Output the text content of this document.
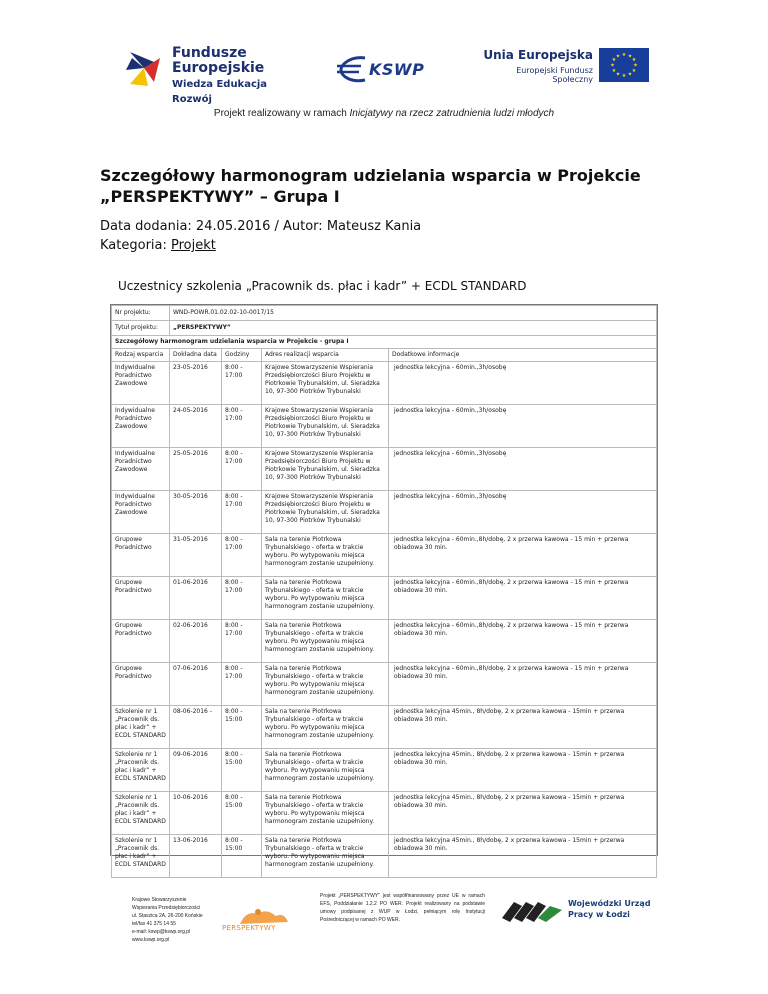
Fundusze
Europejskie
Wiedza Edukacja Rozwój
KSWP
Unia Europejska
Europejski Fundusz Społeczny
★ ★
★
★
★
★
★
★
★
★
★
★
Projekt realizowany w ramach Inicjatywy na rzecz zatrudnienia ludzi młodych
Szczegółowy harmonogram udzielania wsparcia w Projekcie „PERSPEKTYWY” – Grupa I
Data dodania: 24.05.2016 / Autor: Mateusz Kania
Kategoria: Projekt
Uczestnicy szkolenia „Pracownik ds. płac i kadr” + ECDL STANDARD
Nr projektu:	WND-POWR.01.02.02-10-0017/15			
Tytuł projektu:	„PERSPEKTYWY”			
Szczegółowy harmonogram udzielania wsparcia w Projekcie - grupa I				
Rodzaj wsparcia	Dokładna data	Godziny	Adres realizacji wsparcia	Dodatkowe informacje
Indywidualne Poradnictwo Zawodowe	23-05-2016	8:00 - 17:00	Krajowe Stowarzyszenie Wspierania Przedsiębiorczości Biuro Projektu w Piotrkowie Trybunalskim, ul. Sieradzka 10, 97-300 Piotrków Trybunalski	jednostka lekcyjna - 60min.,3h/osobę
Indywidualne Poradnictwo Zawodowe	24-05-2016	8:00 - 17:00	Krajowe Stowarzyszenie Wspierania Przedsiębiorczości Biuro Projektu w Piotrkowie Trybunalskim, ul. Sieradzka 10, 97-300 Piotrków Trybunalski	jednostka lekcyjna - 60min.,3h/osobę
Indywidualne Poradnictwo Zawodowe	25-05-2016	8:00 - 17:00	Krajowe Stowarzyszenie Wspierania Przedsiębiorczości Biuro Projektu w Piotrkowie Trybunalskim, ul. Sieradzka 10, 97-300 Piotrków Trybunalski	jednostka lekcyjna - 60min.,3h/osobę
Indywidualne Poradnictwo Zawodowe	30-05-2016	8:00 - 17:00	Krajowe Stowarzyszenie Wspierania Przedsiębiorczości Biuro Projektu w Piotrkowie Trybunalskim, ul. Sieradzka 10, 97-300 Piotrków Trybunalski	jednostka lekcyjna - 60min.,3h/osobę
Grupowe Poradnictwo	31-05-2016	8:00 - 17:00	Sala na terenie Piotrkowa Trybunalskiego - oferta w trakcie wyboru. Po wytypowaniu miejsca harmonogram zostanie uzupełniony.	jednostka lekcyjna - 60min.,8h/dobę, 2 x przerwa kawowa - 15 min + przerwa obiadowa 30 min.
Grupowe Poradnictwo	01-06-2016	8:00 - 17:00	Sala na terenie Piotrkowa Trybunalskiego - oferta w trakcie wyboru. Po wytypowaniu miejsca harmonogram zostanie uzupełniony.	jednostka lekcyjna - 60min.,8h/dobę, 2 x przerwa kawowa - 15 min + przerwa obiadowa 30 min.
Grupowe Poradnictwo	02-06-2016	8:00 - 17:00	Sala na terenie Piotrkowa Trybunalskiego - oferta w trakcie wyboru. Po wytypowaniu miejsca harmonogram zostanie uzupełniony.	jednostka lekcyjna - 60min.,8h/dobę, 2 x przerwa kawowa - 15 min + przerwa obiadowa 30 min.
Grupowe Poradnictwo	07-06-2016	8:00 - 17:00	Sala na terenie Piotrkowa Trybunalskiego - oferta w trakcie wyboru. Po wytypowaniu miejsca harmonogram zostanie uzupełniony.	jednostka lekcyjna - 60min.,8h/dobę, 2 x przerwa kawowa - 15 min + przerwa obiadowa 30 min.
Szkolenie nr 1 „Pracownik ds. płac i kadr” + ECDL STANDARD	08-06-2016 -	8:00 - 15:00	Sala na terenie Piotrkowa Trybunalskiego - oferta w trakcie wyboru. Po wytypowaniu miejsca harmonogram zostanie uzupełniony.	jednostka lekcyjna 45min., 8h/dobę, 2 x przerwa kawowa - 15min + przerwa obiadowa 30 min.
Szkolenie nr 1 „Pracownik ds. płac i kadr” + ECDL STANDARD	09-06-2016	8:00 - 15:00	Sala na terenie Piotrkowa Trybunalskiego - oferta w trakcie wyboru. Po wytypowaniu miejsca harmonogram zostanie uzupełniony.	jednostka lekcyjna 45min., 8h/dobę, 2 x przerwa kawowa - 15min + przerwa obiadowa 30 min.
Szkolenie nr 1 „Pracownik ds. płac i kadr” + ECDL STANDARD	10-06-2016	8:00 - 15:00	Sala na terenie Piotrkowa Trybunalskiego - oferta w trakcie wyboru. Po wytypowaniu miejsca harmonogram zostanie uzupełniony.	jednostka lekcyjna 45min., 8h/dobę, 2 x przerwa kawowa - 15min + przerwa obiadowa 30 min.
Szkolenie nr 1 „Pracownik ds. płac i kadr” + ECDL STANDARD	13-06-2016	8:00 - 15:00	Sala na terenie Piotrkowa Trybunalskiego - oferta w trakcie wyboru. Po wytypowaniu miejsca harmonogram zostanie uzupełniony.	jednostka lekcyjna 45min., 8h/dobę, 2 x przerwa kawowa - 15min + przerwa obiadowa 30 min.
Krajowe Stowarzyszenie
Wspierania Przedsiębiorczości
ul. Staszica 2A, 26-200 Końskie
tel/fax 41 375 14 55
e-mail: kswp@kswp.org.pl
www.kswp.org.pl
PERSPEKTYWY
Projekt „PERSPEKTYWY” jest współfinansowany przez UE w ramach EFS, Poddziałanie 1.2.2 PO WER. Projekt realizowany na podstawie umowy podpisanej z WUP w Łodzi, pełniącym rolę Instytucji Pośredniczącej w ramach PO WER.
Wojewódzki Urząd
Pracy w Łodzi
